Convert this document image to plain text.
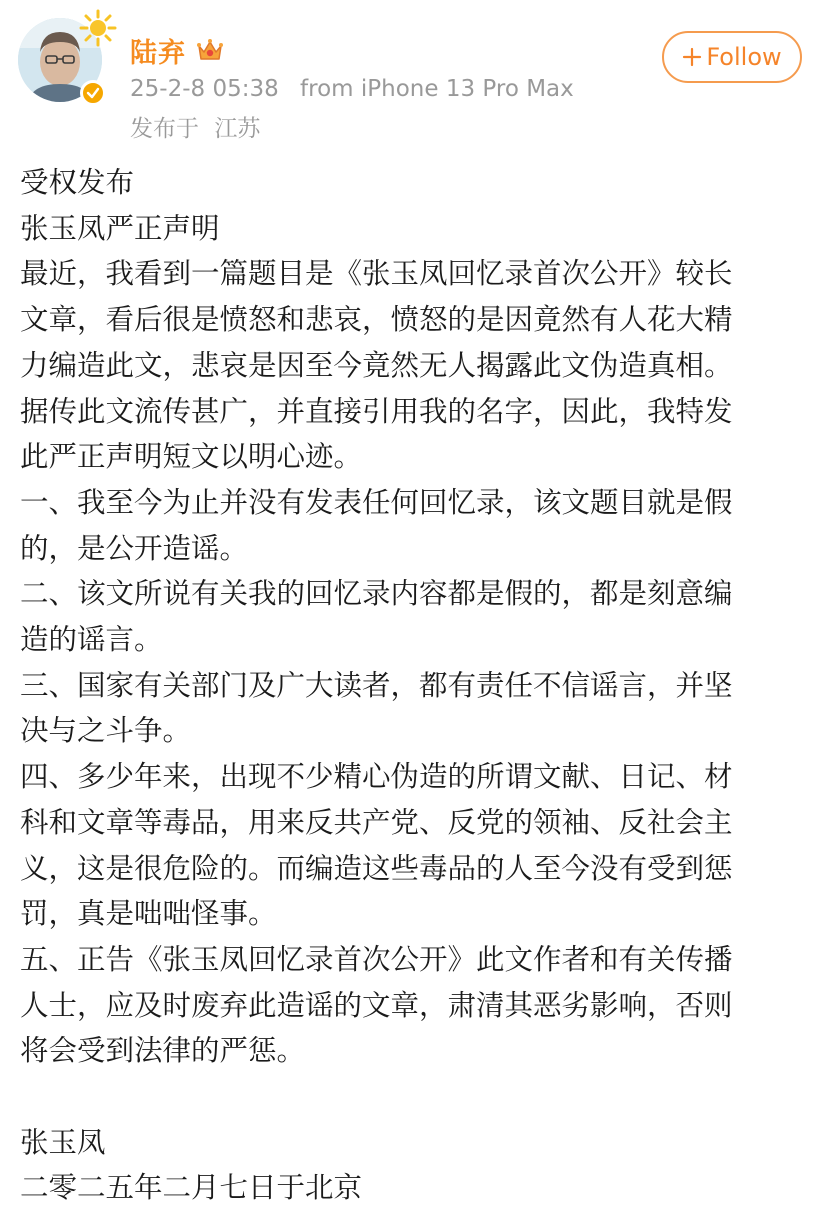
陆弃
25-2-8 05:38 from iPhone 13 Pro Max
发布于 江苏
Follow

受权发布

张玉凤严正声明

最近，我看到一篇题目是《张玉凤回忆录首次公开》较长

文章，看后很是愤怒和悲哀，愤怒的是因竟然有人花大精

力编造此文，悲哀是因至今竟然无人揭露此文伪造真相。

据传此文流传甚广，并直接引用我的名字，因此，我特发

此严正声明短文以明心迹。

一、我至今为止并没有发表任何回忆录，该文题目就是假

的，是公开造谣。

二、该文所说有关我的回忆录内容都是假的，都是刻意编

造的谣言。

三、国家有关部门及广大读者，都有责任不信谣言，并坚

决与之斗争。

四、多少年来，出现不少精心伪造的所谓文献、日记、材

科和文章等毒品，用来反共产党、反党的领袖、反社会主

义，这是很危险的。而编造这些毒品的人至今没有受到惩

罚，真是咄咄怪事。

五、正告《张玉凤回忆录首次公开》此文作者和有关传播

人士，应及时废弃此造谣的文章，肃清其恶劣影响，否则

将会受到法律的严惩。

张玉凤

二零二五年二月七日于北京
